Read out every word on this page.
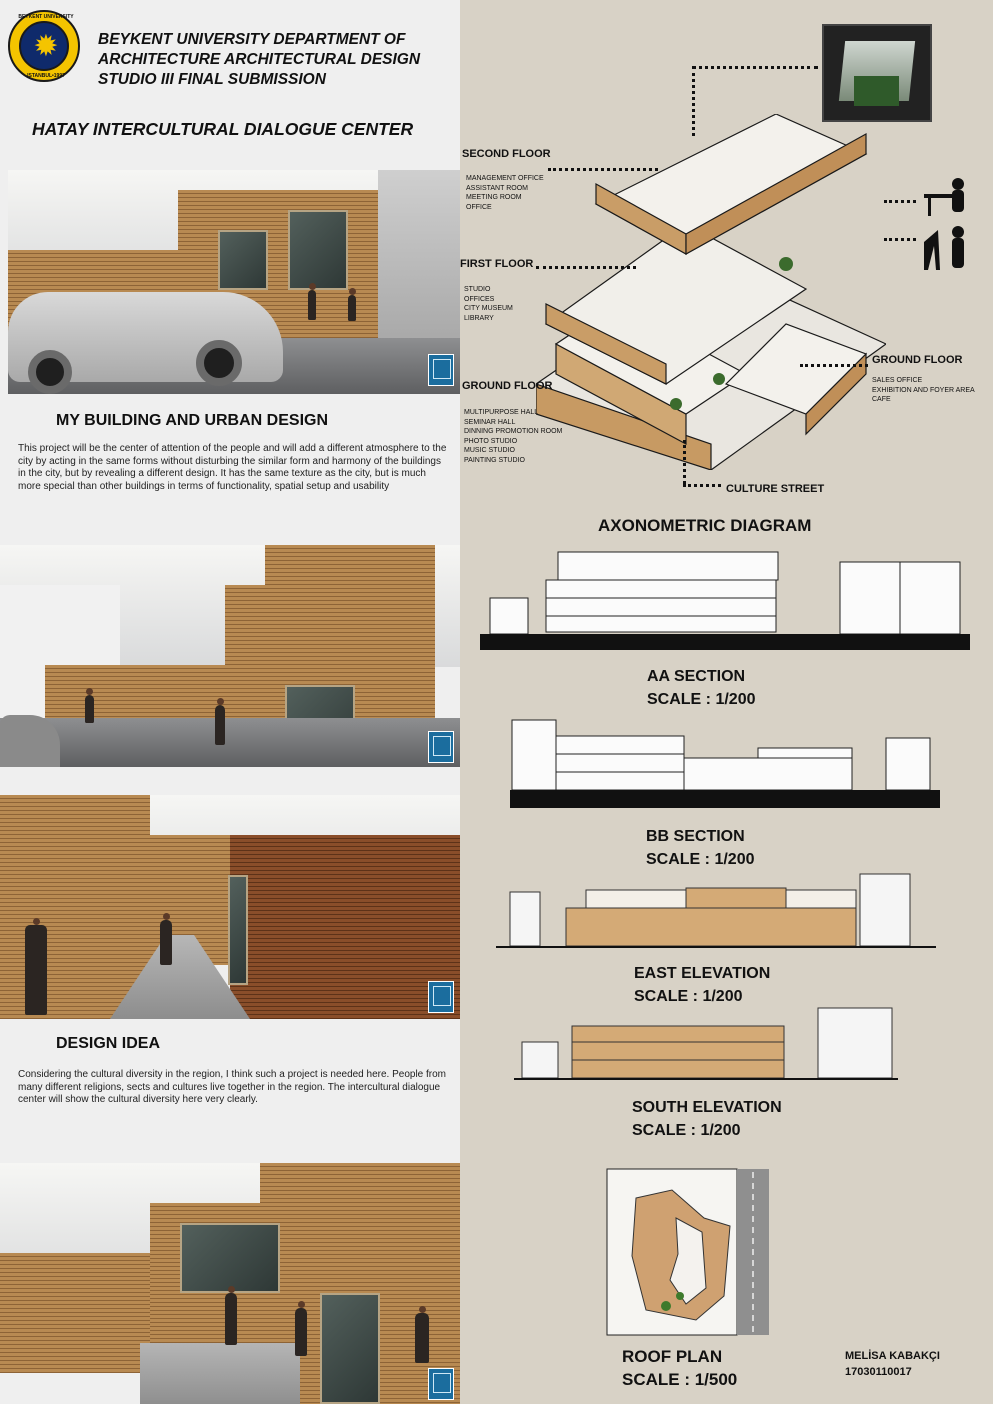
BEYKENT UNIVERSITY
✹
ISTANBUL•1997
BEYKENT UNIVERSITY DEPARTMENT OF
ARCHITECTURE ARCHITECTURAL DESIGN
STUDIO III FINAL SUBMISSION
HATAY INTERCULTURAL DIALOGUE CENTER
MY BUILDING AND URBAN DESIGN
This project will be the center of attention of the people and will add a different atmosphere to the city by acting in the same forms without disturbing the similar form and harmony of the buildings in the city, but by revealing a different design. It has the same texture as the city, but is much more special than other buildings in terms of functionality, spatial setup and usability
DESIGN IDEA
Considering the cultural diversity in the region, I think such a project is needed here. People from many different religions, sects and cultures live together in the region. The intercultural dialogue center will show the cultural diversity here very clearly.
SECOND FLOOR
MANAGEMENT OFFICE
ASSISTANT ROOM
MEETING ROOM
OFFICE
FIRST FLOOR
STUDIO
OFFICES
CITY MUSEUM
LIBRARY
GROUND FLOOR
MULTIPURPOSE HALL
SEMINAR HALL
DINNING PROMOTION ROOM
PHOTO STUDIO
MUSIC STUDIO
PAINTING STUDIO
GROUND FLOOR
SALES OFFICE
EXHIBITION AND FOYER AREA
CAFE
CULTURE STREET
AXONOMETRIC DIAGRAM
AA SECTION
SCALE : 1/200
BB SECTION
SCALE : 1/200
EAST ELEVATION
SCALE : 1/200
SOUTH ELEVATION
SCALE : 1/200
ROOF PLAN
SCALE : 1/500
MELİSA KABAKÇI
17030110017
